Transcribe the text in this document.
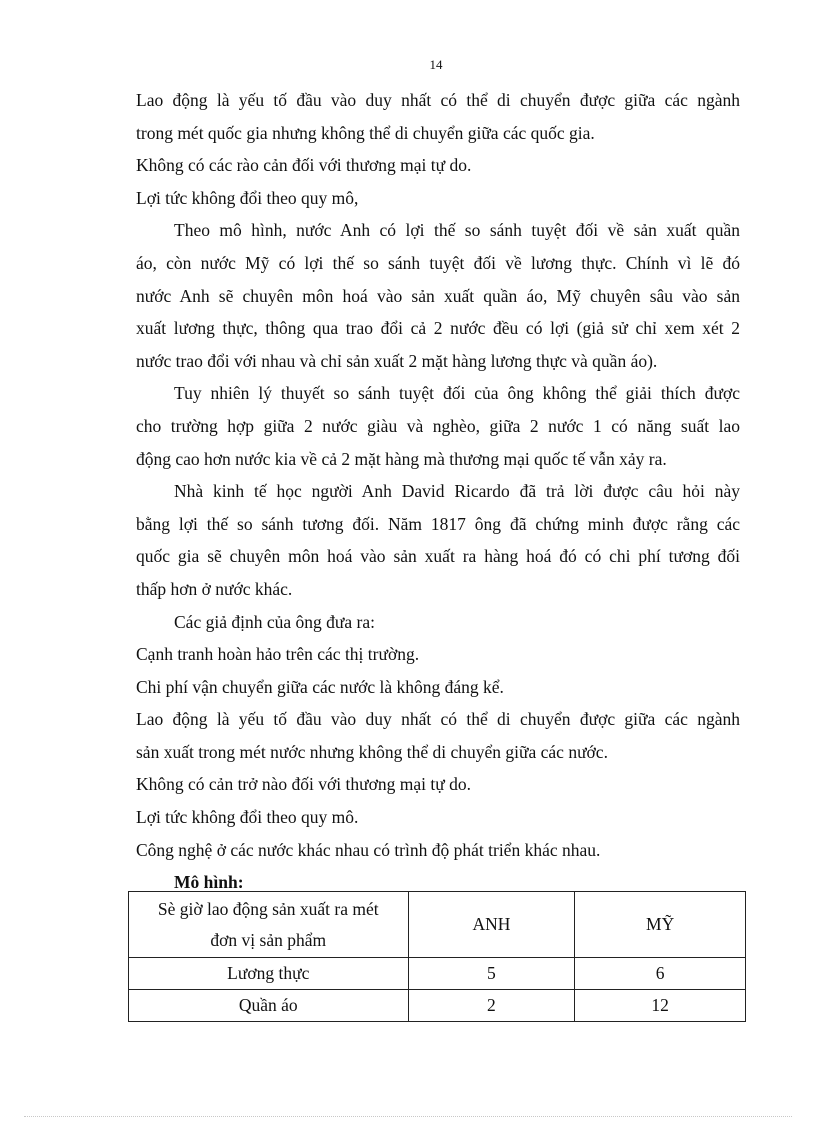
14
Lao động là yếu tố đầu vào duy nhất có thể di chuyển được giữa các ngành
trong mét quốc gia nhưng không thể di chuyển giữa các quốc gia.
Không có các rào cản đối với thương mại tự do.
Lợi tức không đổi theo quy mô,
Theo mô hình, nước Anh có lợi thế so sánh tuyệt đối về sản xuất quần
áo, còn nước Mỹ có lợi thế so sánh tuyệt đối về lương thực. Chính vì lẽ đó
nước Anh sẽ chuyên môn hoá vào sản xuất quần áo, Mỹ chuyên sâu vào sản
xuất lương thực, thông qua trao đổi cả 2 nước đều có lợi (giả sử chỉ xem xét 2
nước trao đổi với nhau và chỉ sản xuất 2 mặt hàng lương thực và quần áo).
Tuy nhiên lý thuyết so sánh tuyệt đối của ông không thể giải thích được
cho trường hợp giữa 2 nước giàu và nghèo, giữa 2 nước 1 có năng suất lao
động cao hơn nước kia về cả 2 mặt hàng mà thương mại quốc tế vẫn xảy ra.
Nhà kinh tế học người Anh David Ricardo đã trả lời được câu hỏi này
bằng lợi thế so sánh tương đối. Năm 1817 ông đã chứng minh được rằng các
quốc gia sẽ chuyên môn hoá vào sản xuất ra hàng hoá đó có chi phí tương đối
thấp hơn ở nước khác.
Các giả định của ông đưa ra:
Cạnh tranh hoàn hảo trên các thị trường.
Chi phí vận chuyển giữa các nước là không đáng kể.
Lao động là yếu tố đầu vào duy nhất có thể di chuyển được giữa các ngành
sản xuất trong mét nước nhưng không thể di chuyển giữa các nước.
Không có cản trở nào đối với thương mại tự do.
Lợi tức không đổi theo quy mô.
Công nghệ ở các nước khác nhau có trình độ phát triển khác nhau.
Mô hình:
Sè giờ lao động sản xuất ra mét
đơn vị sản phẩm	ANH	MỸ
Lương thực	5	6
Quần áo	2	12
